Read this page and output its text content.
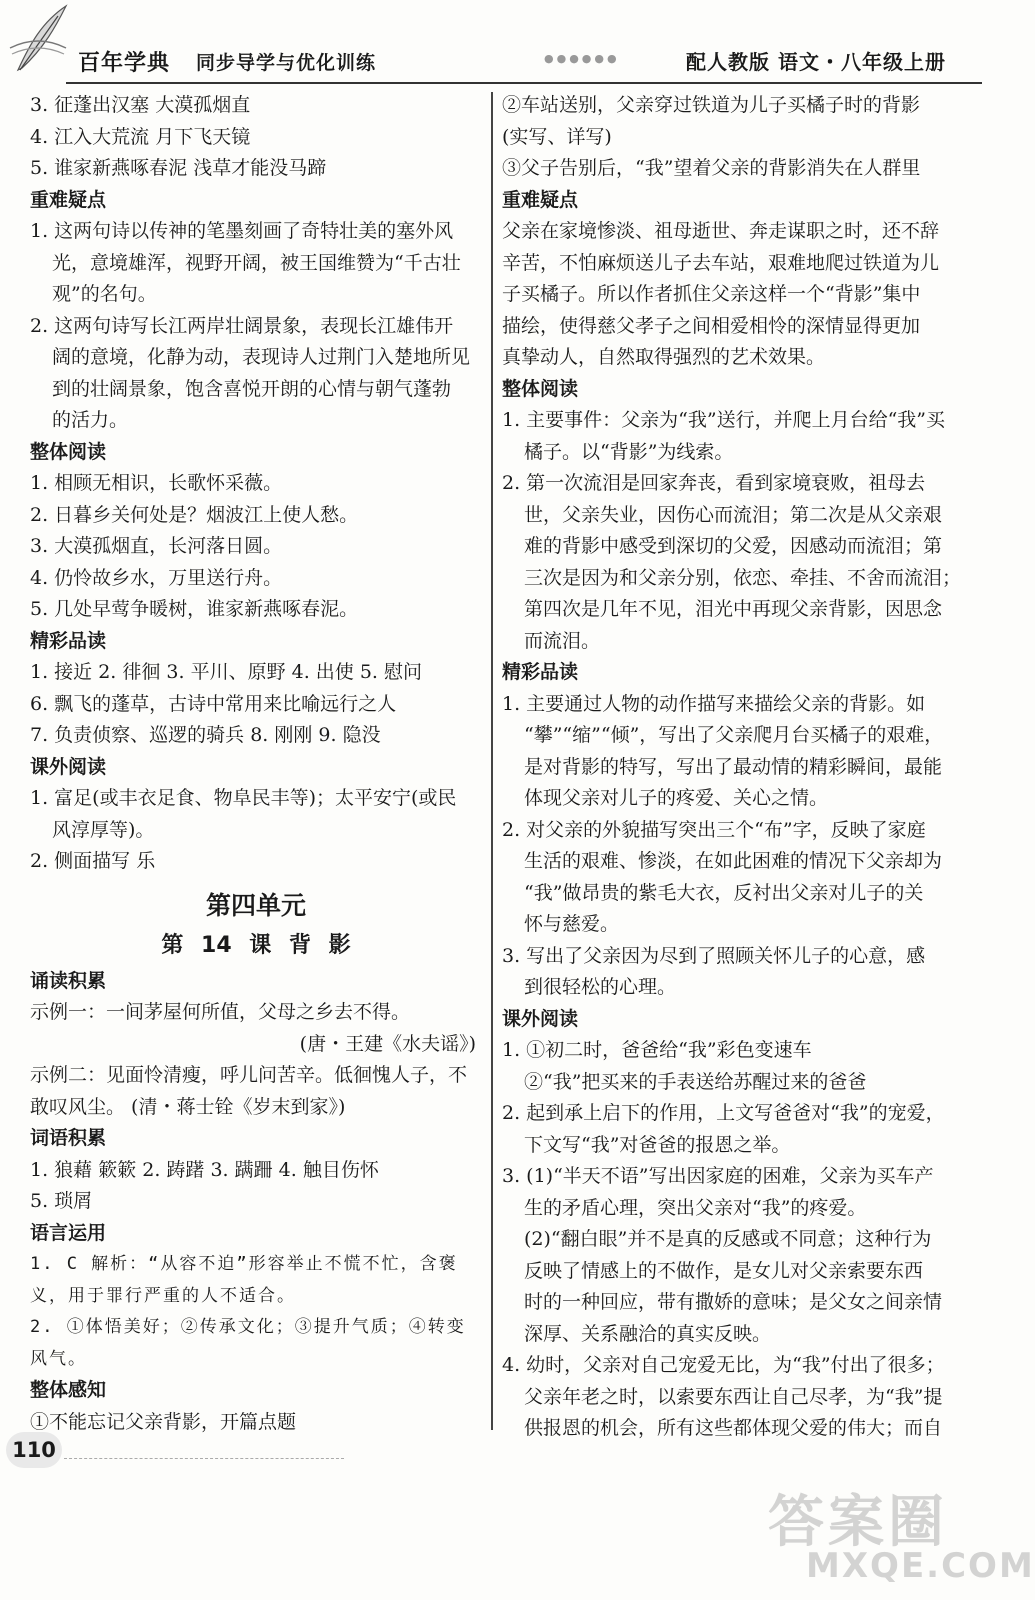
百年学典 同步导学与优化训练	●●●●●●	配人教版 语文・八年级上册
3. 征蓬出汉塞 大漠孤烟直
4. 江入大荒流 月下飞天镜
5. 谁家新燕啄春泥 浅草才能没马蹄
重难疑点
1. 这两句诗以传神的笔墨刻画了奇特壮美的塞外风
光，意境雄浑，视野开阔，被王国维赞为“千古壮
观”的名句。
2. 这两句诗写长江两岸壮阔景象，表现长江雄伟开
阔的意境，化静为动，表现诗人过荆门入楚地所见
到的壮阔景象，饱含喜悦开朗的心情与朝气蓬勃
的活力。
整体阅读
1. 相顾无相识，长歌怀采薇。
2. 日暮乡关何处是？烟波江上使人愁。
3. 大漠孤烟直，长河落日圆。
4. 仍怜故乡水，万里送行舟。
5. 几处早莺争暖树，谁家新燕啄春泥。
精彩品读
1. 接近 2. 徘徊 3. 平川、原野 4. 出使 5. 慰问
6. 飘飞的蓬草，古诗中常用来比喻远行之人
7. 负责侦察、巡逻的骑兵 8. 刚刚 9. 隐没
课外阅读
1. 富足(或丰衣足食、物阜民丰等)；太平安宁(或民
风淳厚等)。
2. 侧面描写 乐
第四单元
第 14 课 背 影
诵读积累
示例一：一间茅屋何所值，父母之乡去不得。
(唐・王建《水夫谣》)
示例二：见面怜清瘦，呼儿问苦辛。低徊愧人子，不
敢叹风尘。 (清・蒋士铨《岁末到家》)
词语积累
1. 狼藉 簌簌 2. 踌躇 3. 蹒跚 4. 触目伤怀
5. 琐屑
语言运用
1. C 解析：“从容不迫”形容举止不慌不忙，含褒
义，用于罪行严重的人不适合。
2. ①体悟美好；②传承文化；③提升气质；④转变
风气。
整体感知
①不能忘记父亲背影，开篇点题
②车站送别，父亲穿过铁道为儿子买橘子时的背影
(实写、详写)
③父子告别后，“我”望着父亲的背影消失在人群里
重难疑点
父亲在家境惨淡、祖母逝世、奔走谋职之时，还不辞
辛苦，不怕麻烦送儿子去车站，艰难地爬过铁道为儿
子买橘子。所以作者抓住父亲这样一个“背影”集中
描绘，使得慈父孝子之间相爱相怜的深情显得更加
真挚动人，自然取得强烈的艺术效果。
整体阅读
1. 主要事件：父亲为“我”送行，并爬上月台给“我”买
橘子。以“背影”为线索。
2. 第一次流泪是回家奔丧，看到家境衰败，祖母去
世，父亲失业，因伤心而流泪；第二次是从父亲艰
难的背影中感受到深切的父爱，因感动而流泪；第
三次是因为和父亲分别，依恋、牵挂、不舍而流泪；
第四次是几年不见，泪光中再现父亲背影，因思念
而流泪。
精彩品读
1. 主要通过人物的动作描写来描绘父亲的背影。如
“攀”“缩”“倾”，写出了父亲爬月台买橘子的艰难，
是对背影的特写，写出了最动情的精彩瞬间，最能
体现父亲对儿子的疼爱、关心之情。
2. 对父亲的外貌描写突出三个“布”字，反映了家庭
生活的艰难、惨淡，在如此困难的情况下父亲却为
“我”做昂贵的紫毛大衣，反衬出父亲对儿子的关
怀与慈爱。
3. 写出了父亲因为尽到了照顾关怀儿子的心意，感
到很轻松的心理。
课外阅读
1. ①初二时，爸爸给“我”彩色变速车
②“我”把买来的手表送给苏醒过来的爸爸
2. 起到承上启下的作用，上文写爸爸对“我”的宠爱，
下文写“我”对爸爸的报恩之举。
3. (1)“半天不语”写出因家庭的困难，父亲为买车产
生的矛盾心理，突出父亲对“我”的疼爱。
(2)“翻白眼”并不是真的反感或不同意；这种行为
反映了情感上的不做作，是女儿对父亲索要东西
时的一种回应，带有撒娇的意味；是父女之间亲情
深厚、关系融洽的真实反映。
4. 幼时，父亲对自己宠爱无比，为“我”付出了很多；
父亲年老之时，以索要东西让自己尽孝，为“我”提
供报恩的机会，所有这些都体现父爱的伟大；而自
110
答案圈
MXQE.COM
